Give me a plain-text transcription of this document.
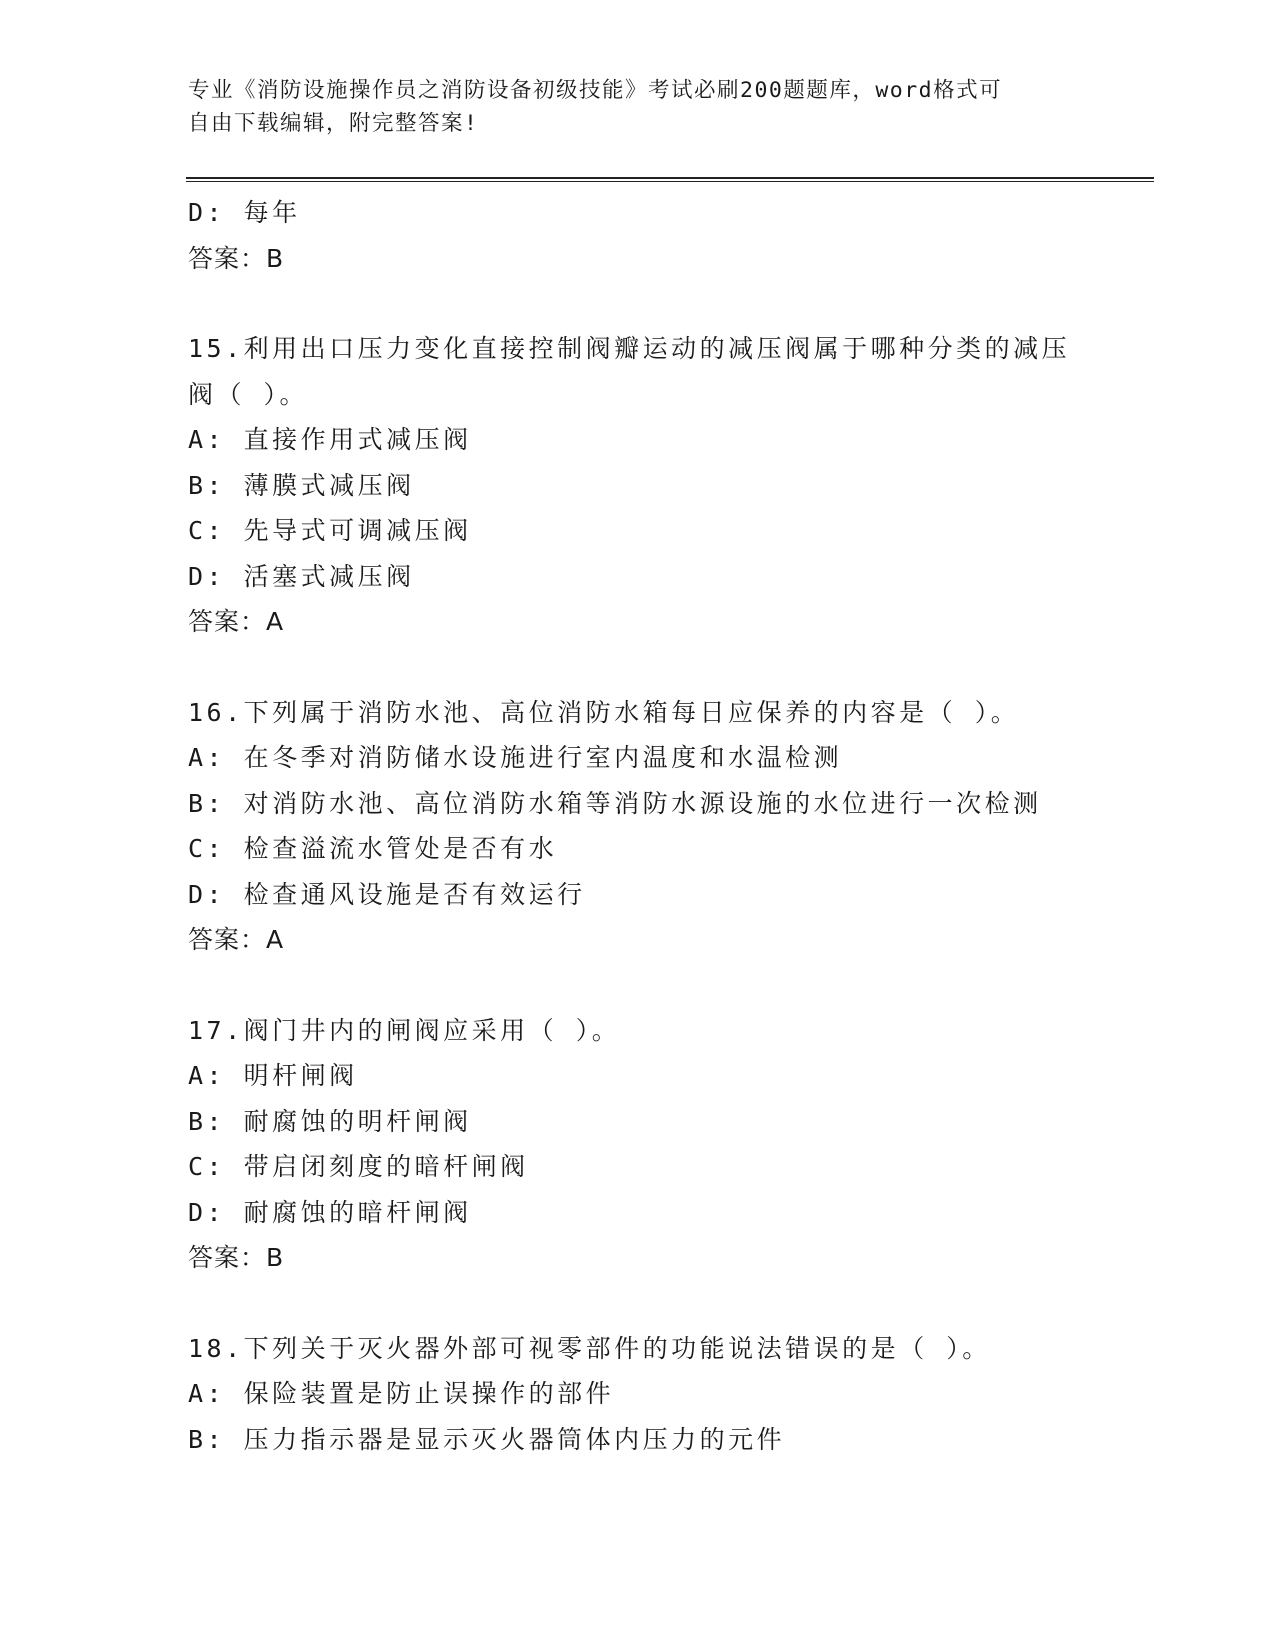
专业《消防设施操作员之消防设备初级技能》考试必刷200题题库，word格式可
自由下载编辑，附完整答案!
D: 每年
答案：B
15.利用出口压力变化直接控制阀瓣运动的减压阀属于哪种分类的减压
阀（ ）。
A: 直接作用式减压阀
B: 薄膜式减压阀
C: 先导式可调减压阀
D: 活塞式减压阀
答案：A
16.下列属于消防水池、高位消防水箱每日应保养的内容是（ ）。
A: 在冬季对消防储水设施进行室内温度和水温检测
B: 对消防水池、高位消防水箱等消防水源设施的水位进行一次检测
C: 检查溢流水管处是否有水
D: 检查通风设施是否有效运行
答案：A
17.阀门井内的闸阀应采用（ ）。
A: 明杆闸阀
B: 耐腐蚀的明杆闸阀
C: 带启闭刻度的暗杆闸阀
D: 耐腐蚀的暗杆闸阀
答案：B
18.下列关于灭火器外部可视零部件的功能说法错误的是（ ）。
A: 保险装置是防止误操作的部件
B: 压力指示器是显示灭火器筒体内压力的元件
